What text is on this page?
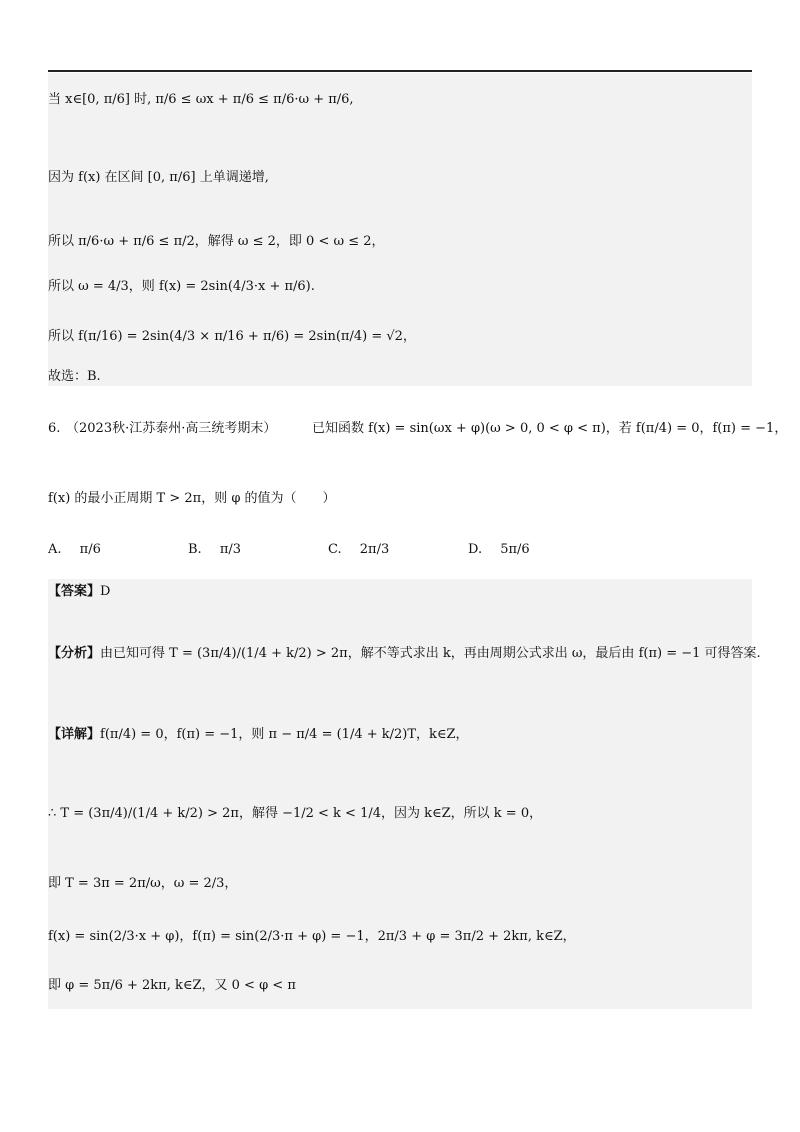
当 x∈[0, π/6] 时, π/6 ≤ ωx + π/6 ≤ π/6·ω + π/6,
因为 f(x) 在区间 [0, π/6] 上单调递增,
所以 π/6·ω + π/6 ≤ π/2，解得 ω ≤ 2，即 0 < ω ≤ 2，
所以 ω = 4/3，则 f(x) = 2sin(4/3·x + π/6).
所以 f(π/16) = 2sin(4/3 × π/16 + π/6) = 2sin(π/4) = √2，
故选：B.
6. （2023秋·江苏泰州·高三统考期末）	已知函数 f(x) = sin(ωx + φ)(ω > 0, 0 < φ < π)，若 f(π/4) = 0，f(π) = −1，
f(x) 的最小正周期 T > 2π，则 φ 的值为（　　）
A. π/6	B. π/3	C. 2π/3	D. 5π/6
【答案】D
【分析】由已知可得 T = (3π/4)/(1/4 + k/2) > 2π，解不等式求出 k，再由周期公式求出 ω，最后由 f(π) = −1 可得答案.
【详解】f(π/4) = 0，f(π) = −1，则 π − π/4 = (1/4 + k/2)T，k∈Z，
∴ T = (3π/4)/(1/4 + k/2) > 2π，解得 −1/2 < k < 1/4，因为 k∈Z，所以 k = 0，
即 T = 3π = 2π/ω，ω = 2/3，
f(x) = sin(2/3·x + φ)，f(π) = sin(2/3·π + φ) = −1，2π/3 + φ = 3π/2 + 2kπ, k∈Z，
即 φ = 5π/6 + 2kπ, k∈Z，又 0 < φ < π
